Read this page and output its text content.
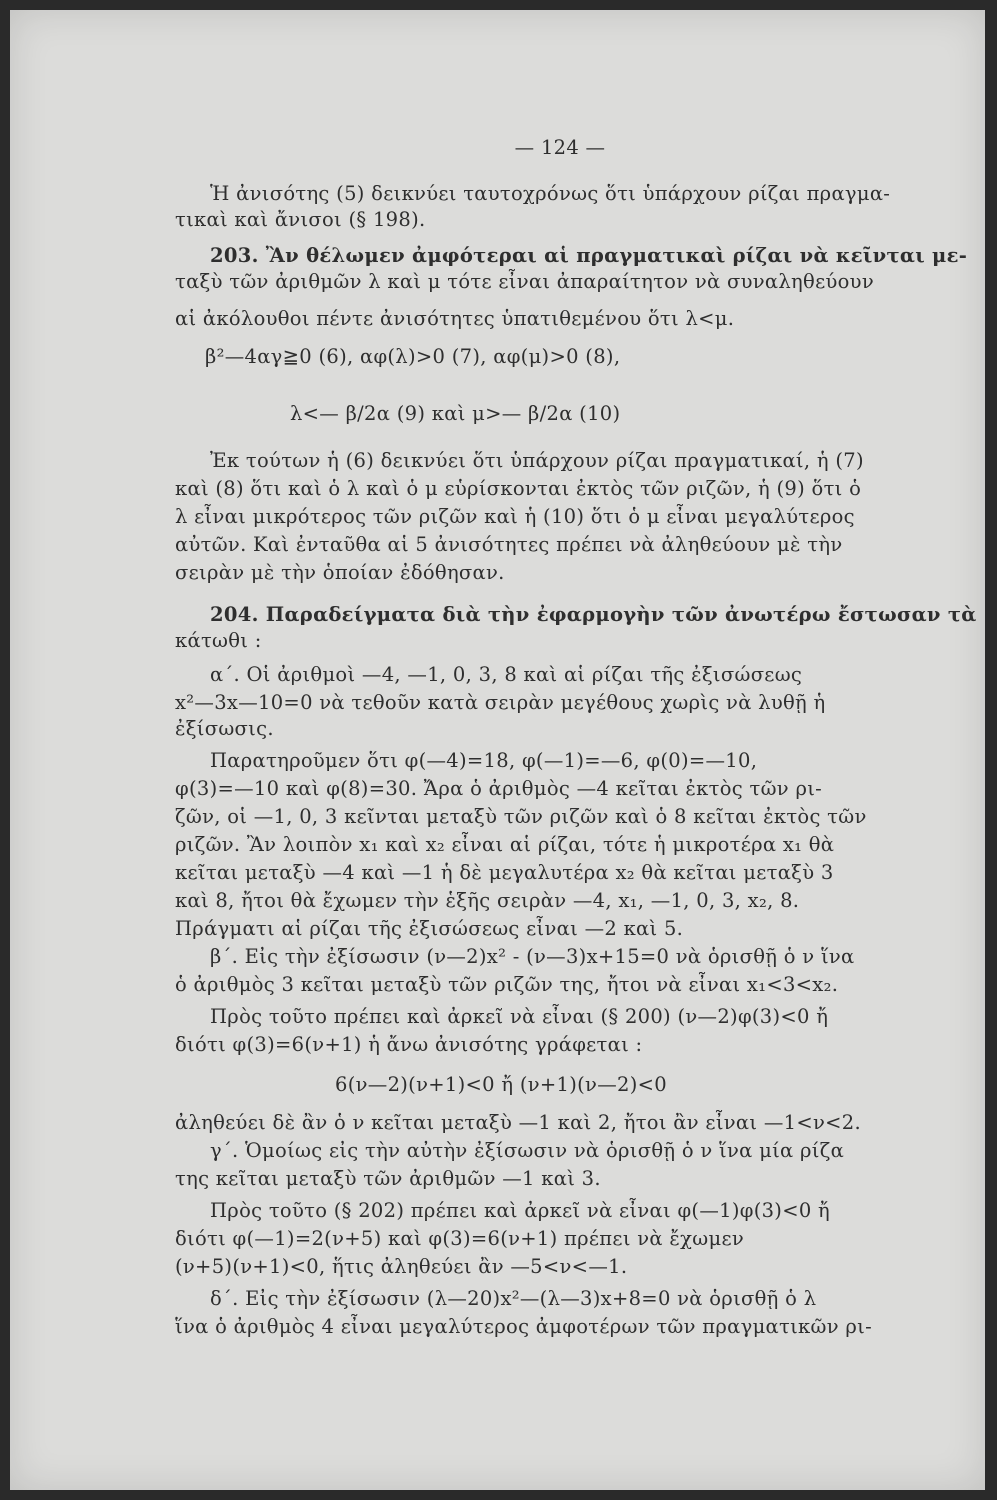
— 124 —
Ἡ ἀνισότης (5) δεικνύει ταυτοχρόνως ὅτι ὑπάρχουν ρίζαι πραγμα-
τικαὶ καὶ ἄνισοι (§ 198).
203. Ἂν θέλωμεν ἀμφότεραι αἱ πραγματικαὶ ρίζαι νὰ κεῖνται με-
ταξὺ τῶν ἀριθμῶν λ καὶ μ τότε εἶναι ἀπαραίτητον νὰ συναληθεύουν
αἱ ἀκόλουθοι πέντε ἀνισότητες ὑπατιθεμένου ὅτι λ<μ.
β²—4αγ≧0 (6), αφ(λ)>0 (7), αφ(μ)>0 (8),
λ<— β/2α (9) καὶ μ>— β/2α (10)
Ἐκ τούτων ἡ (6) δεικνύει ὅτι ὑπάρχουν ρίζαι πραγματικαί, ἡ (7)
καὶ (8) ὅτι καὶ ὁ λ καὶ ὁ μ εὑρίσκονται ἐκτὸς τῶν ριζῶν, ἡ (9) ὅτι ὁ
λ εἶναι μικρότερος τῶν ριζῶν καὶ ἡ (10) ὅτι ὁ μ εἶναι μεγαλύτερος
αὐτῶν. Καὶ ἐνταῦθα αἱ 5 ἀνισότητες πρέπει νὰ ἀληθεύουν μὲ τὴν
σειρὰν μὲ τὴν ὁποίαν ἐδόθησαν.
204. Παραδείγματα διὰ τὴν ἐφαρμογὴν τῶν ἀνωτέρω ἔστωσαν τὰ
κάτωθι :
α΄. Οἱ ἀριθμοὶ —4, —1, 0, 3, 8 καὶ αἱ ρίζαι τῆς ἐξισώσεως
x²—3x—10=0 νὰ τεθοῦν κατὰ σειρὰν μεγέθους χωρὶς νὰ λυθῇ ἡ
ἐξίσωσις.
Παρατηροῦμεν ὅτι φ(—4)=18, φ(—1)=—6, φ(0)=—10,
φ(3)=—10 καὶ φ(8)=30. Ἄρα ὁ ἀριθμὸς —4 κεῖται ἐκτὸς τῶν ρι-
ζῶν, οἱ —1, 0, 3 κεῖνται μεταξὺ τῶν ριζῶν καὶ ὁ 8 κεῖται ἐκτὸς τῶν
ριζῶν. Ἂν λοιπὸν x₁ καὶ x₂ εἶναι αἱ ρίζαι, τότε ἡ μικροτέρα x₁ θὰ
κεῖται μεταξὺ —4 καὶ —1 ἡ δὲ μεγαλυτέρα x₂ θὰ κεῖται μεταξὺ 3
καὶ 8, ἤτοι θὰ ἔχωμεν τὴν ἑξῆς σειρὰν —4, x₁, —1, 0, 3, x₂, 8.
Πράγματι αἱ ρίζαι τῆς ἐξισώσεως εἶναι —2 καὶ 5.
β΄. Εἰς τὴν ἐξίσωσιν (ν—2)x² - (ν—3)x+15=0 νὰ ὁρισθῇ ὁ ν ἵνα
ὁ ἀριθμὸς 3 κεῖται μεταξὺ τῶν ριζῶν της, ἤτοι νὰ εἶναι x₁<3<x₂.
Πρὸς τοῦτο πρέπει καὶ ἀρκεῖ νὰ εἶναι (§ 200) (ν—2)φ(3)<0 ἤ
διότι φ(3)=6(ν+1) ἡ ἄνω ἀνισότης γράφεται :
6(ν—2)(ν+1)<0 ἤ (ν+1)(ν—2)<0
ἀληθεύει δὲ ἂν ὁ ν κεῖται μεταξὺ —1 καὶ 2, ἤτοι ἂν εἶναι —1<ν<2.
γ΄. Ὁμοίως εἰς τὴν αὐτὴν ἐξίσωσιν νὰ ὁρισθῇ ὁ ν ἵνα μία ρίζα
της κεῖται μεταξὺ τῶν ἀριθμῶν —1 καὶ 3.
Πρὸς τοῦτο (§ 202) πρέπει καὶ ἀρκεῖ νὰ εἶναι φ(—1)φ(3)<0 ἤ
διότι φ(—1)=2(ν+5) καὶ φ(3)=6(ν+1) πρέπει νὰ ἔχωμεν
(ν+5)(ν+1)<0, ἥτις ἀληθεύει ἂν —5<ν<—1.
δ΄. Εἰς τὴν ἐξίσωσιν (λ—20)x²—(λ—3)x+8=0 νὰ ὁρισθῇ ὁ λ
ἵνα ὁ ἀριθμὸς 4 εἶναι μεγαλύτερος ἀμφοτέρων τῶν πραγματικῶν ρι-
